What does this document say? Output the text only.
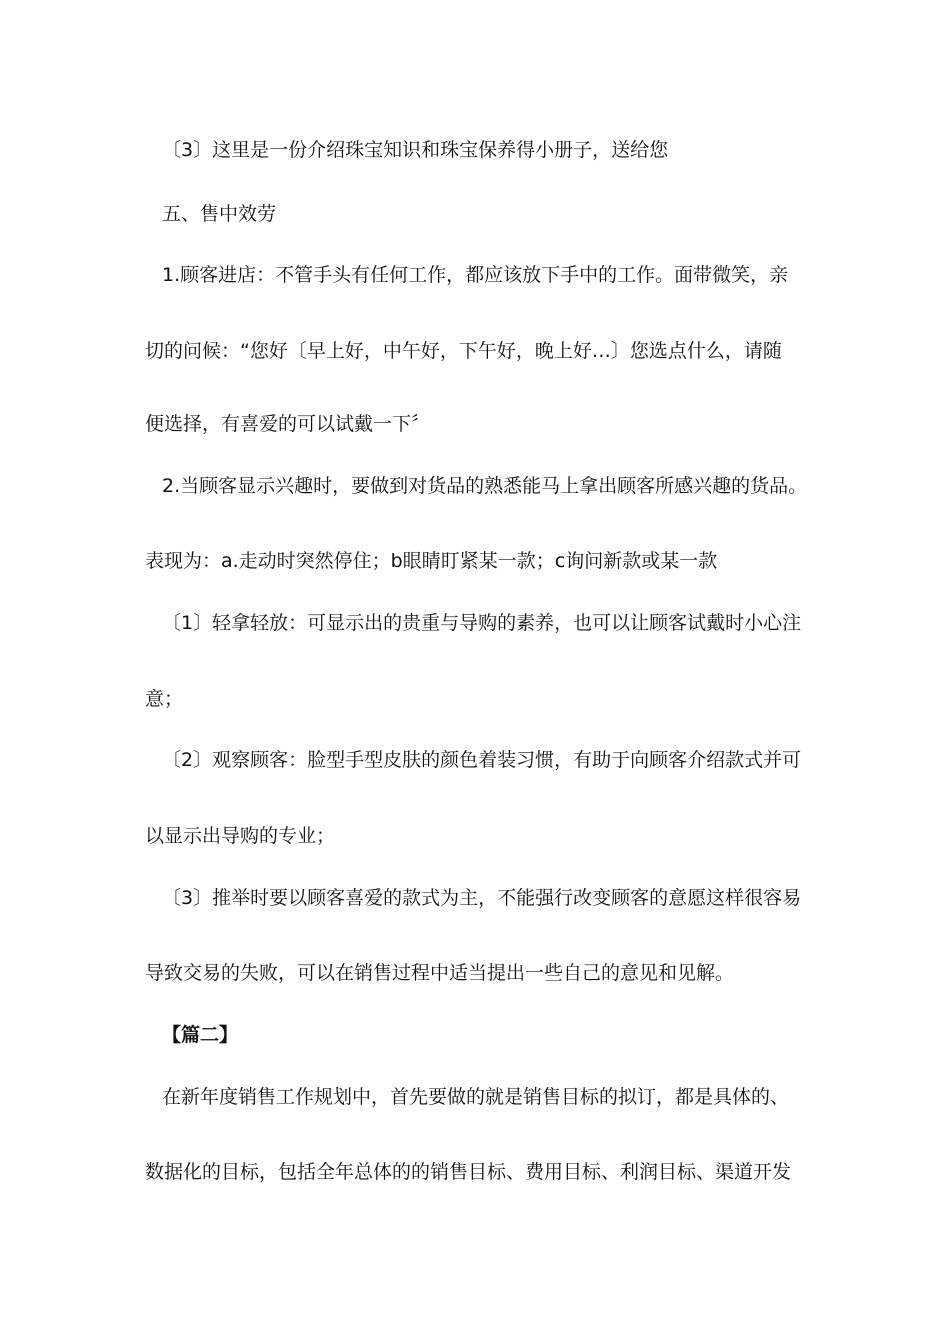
〔3〕这里是一份介绍珠宝知识和珠宝保养得小册子，送给您
五、售中效劳
1.顾客进店：不管手头有任何工作，都应该放下手中的工作。面带微笑，亲
切的问候：“您好〔早上好，中午好，下午好，晚上好…〕您选点什么，请随
便选择，有喜爱的可以试戴一下〞
2.当顾客显示兴趣时，要做到对货品的熟悉能马上拿出顾客所感兴趣的货品。
表现为：a.走动时突然停住；b眼睛盯紧某一款；c询问新款或某一款
〔1〕轻拿轻放：可显示出的贵重与导购的素养，也可以让顾客试戴时小心注
意；
〔2〕观察顾客：脸型手型皮肤的颜色着装习惯，有助于向顾客介绍款式并可
以显示出导购的专业；
〔3〕推举时要以顾客喜爱的款式为主，不能强行改变顾客的意愿这样很容易
导致交易的失败，可以在销售过程中适当提出一些自己的意见和见解。
【篇二】
在新年度销售工作规划中，首先要做的就是销售目标的拟订，都是具体的、
数据化的目标，包括全年总体的的销售目标、费用目标、利润目标、渠道开发
